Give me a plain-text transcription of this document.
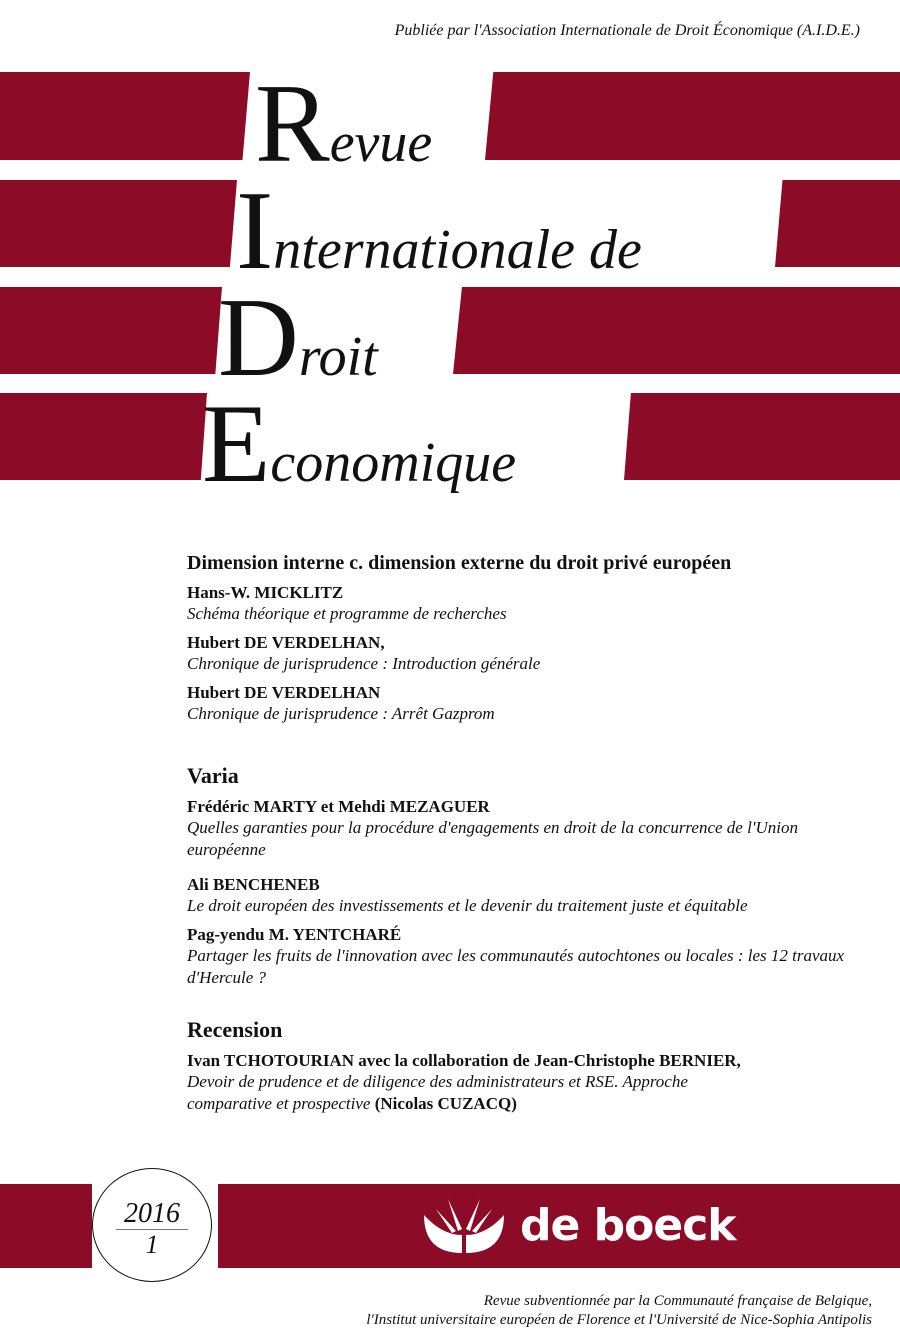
Publiée par l'Association Internationale de Droit Économique (A.I.D.E.)
Revue
Internationale de
Droit
Economique
Dimension interne c. dimension externe du droit privé européen
Hans-W. MICKLITZ
Schéma théorique et programme de recherches
Hubert DE VERDELHAN,
Chronique de jurisprudence : Introduction générale
Hubert DE VERDELHAN
Chronique de jurisprudence : Arrêt Gazprom
Varia
Frédéric MARTY et Mehdi MEZAGUER
Quelles garanties pour la procédure d'engagements en droit de la concurrence de l'Union européenne
Ali BENCHENEB
Le droit européen des investissements et le devenir du traitement juste et équitable
Pag-yendu M. YENTCHARÉ
Partager les fruits de l'innovation avec les communautés autochtones ou locales : les 12 travaux d'Hercule ?
Recension
Ivan TCHOTOURIAN avec la collaboration de Jean-Christophe BERNIER,
Devoir de prudence et de diligence des administrateurs et RSE. Approche comparative et prospective (Nicolas CUZACQ)
2016
1	de boeck
Revue subventionnée par la Communauté française de Belgique,
l'Institut universitaire européen de Florence et l'Université de Nice-Sophia Antipolis
